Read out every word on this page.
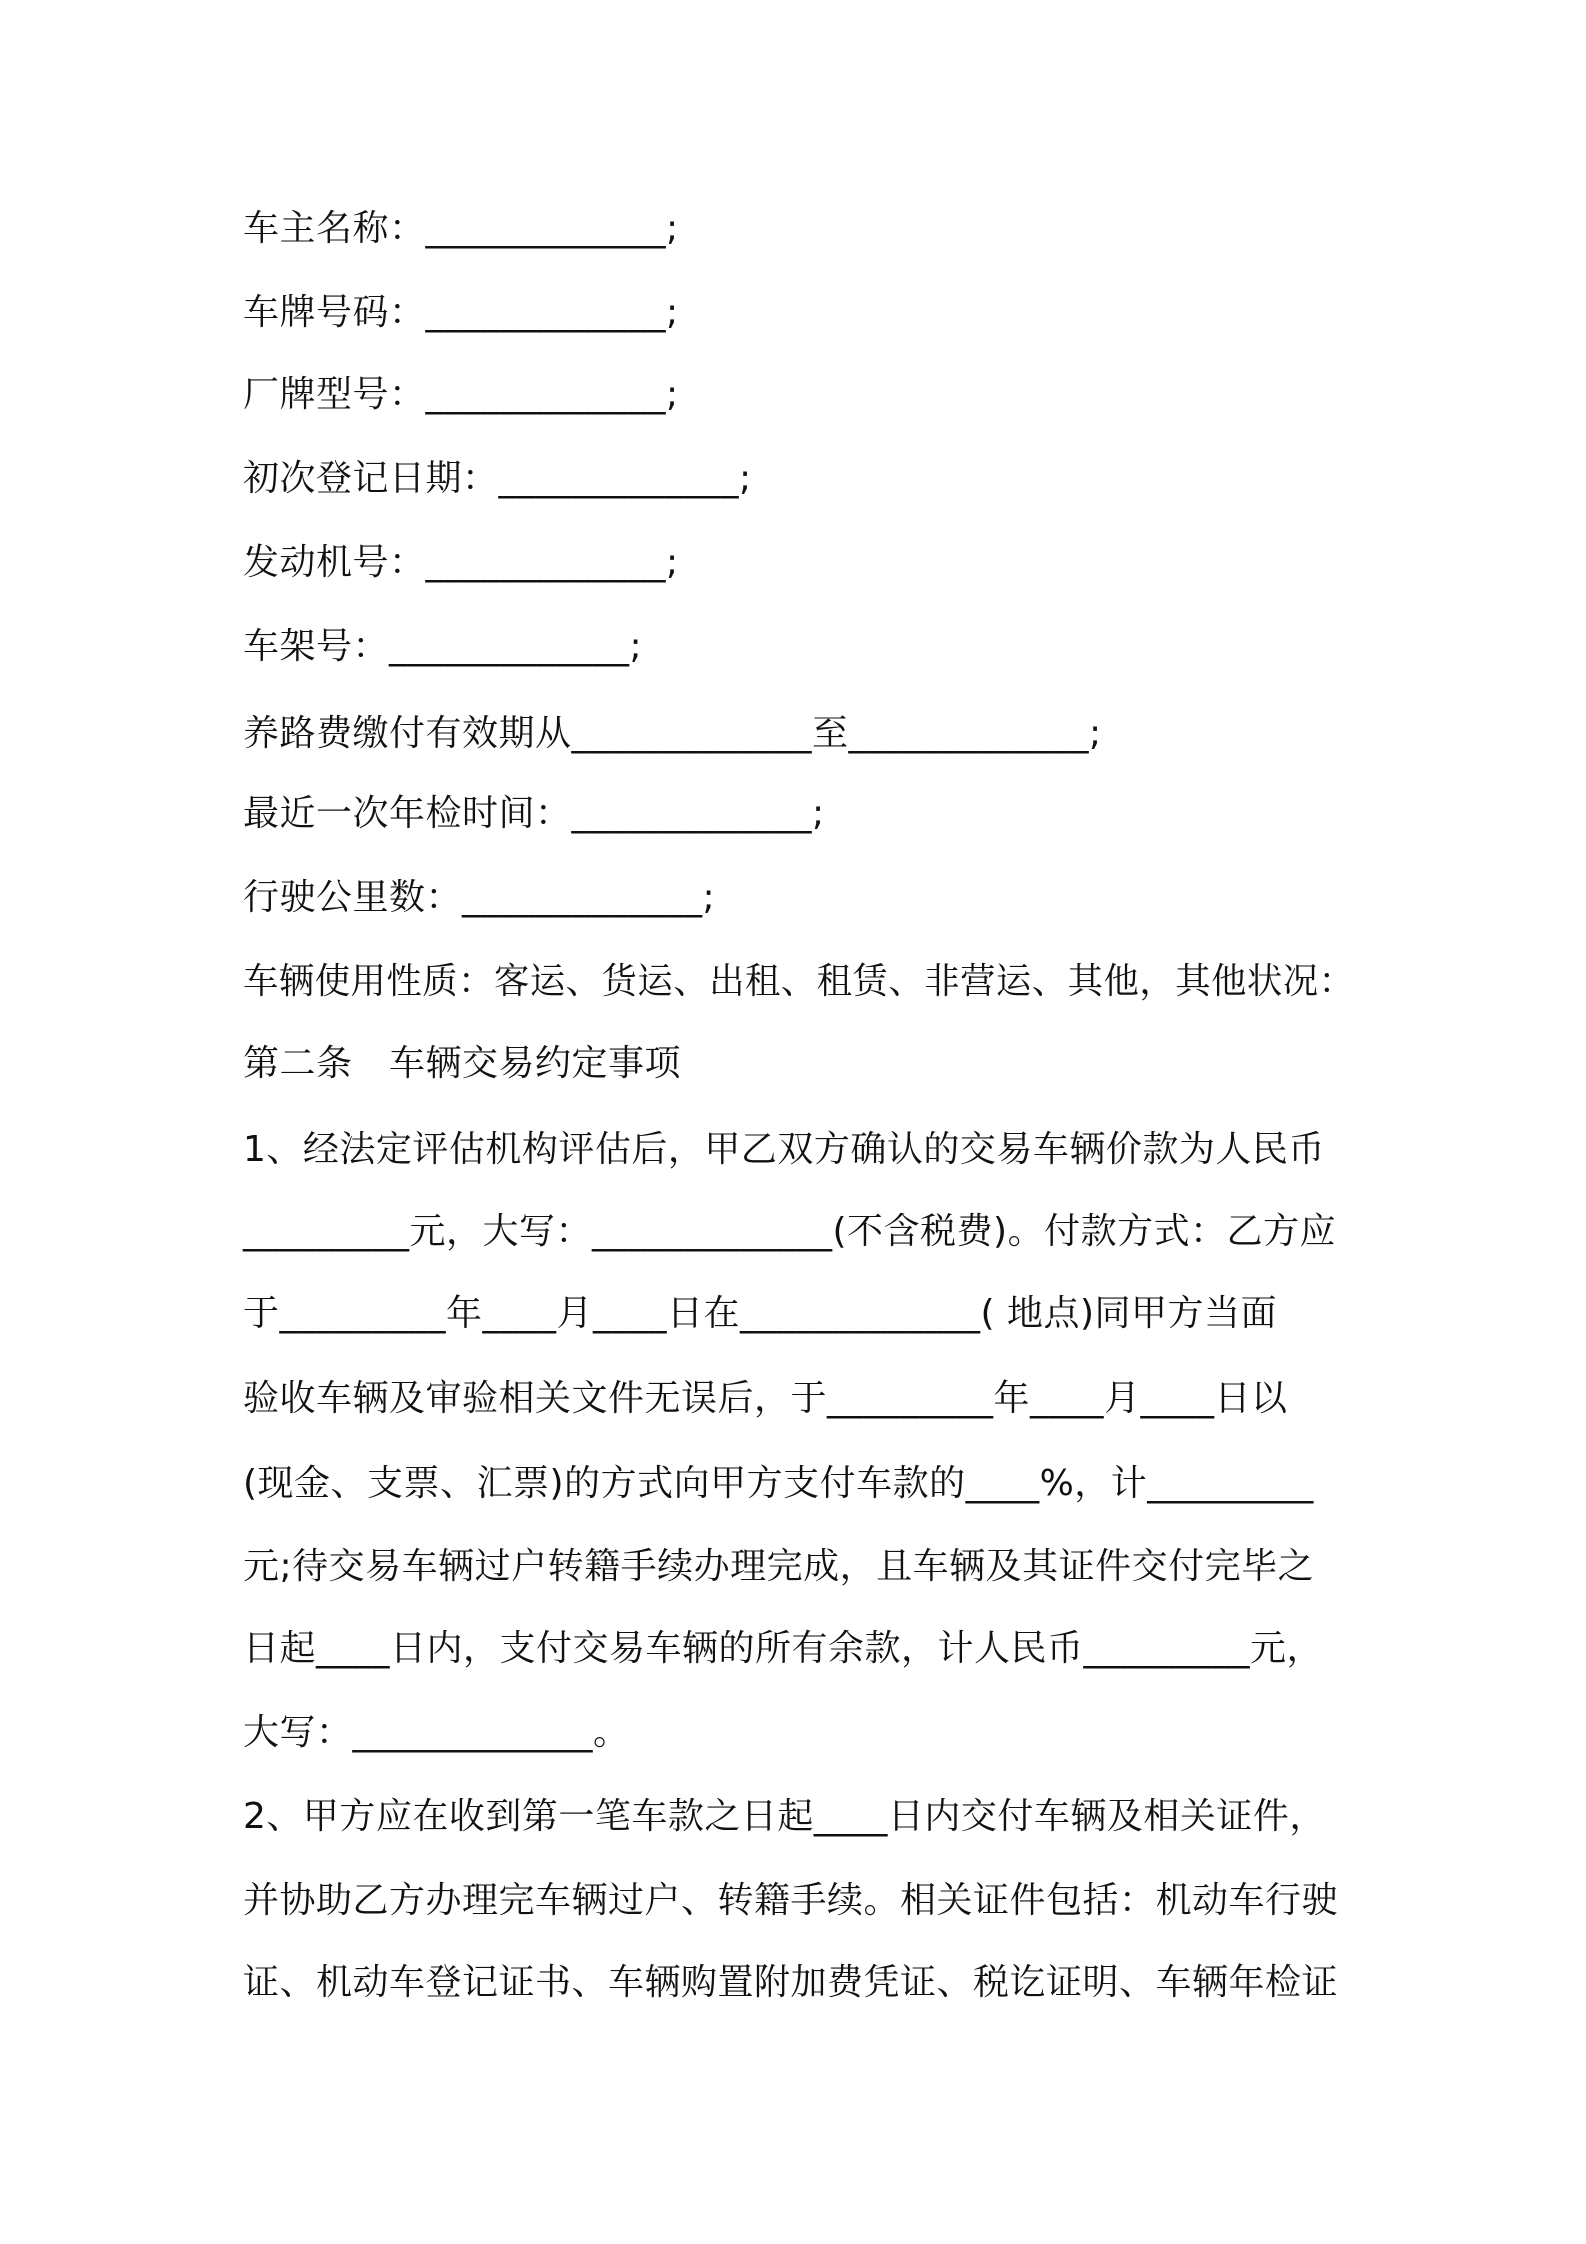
车主名称：_____________;
车牌号码：_____________;
厂牌型号：_____________;
初次登记日期：_____________;
发动机号：_____________;
车架号：_____________;
养路费缴付有效期从_____________至_____________;
最近一次年检时间：_____________;
行驶公里数：_____________;
车辆使用性质：客运、货运、出租、租赁、非营运、其他，其他状况：
第二条　车辆交易约定事项
1、经法定评估机构评估后，甲乙双方确认的交易车辆价款为人民币
_________元，大写：_____________(不含税费)。付款方式：乙方应
于_________年____月____日在_____________( 地点)同甲方当面
验收车辆及审验相关文件无误后，于_________年____月____日以
(现金、支票、汇票)的方式向甲方支付车款的____%，计_________
元;待交易车辆过户转籍手续办理完成，且车辆及其证件交付完毕之
日起____日内，支付交易车辆的所有余款，计人民币_________元，
大写：_____________。
2、甲方应在收到第一笔车款之日起____日内交付车辆及相关证件，
并协助乙方办理完车辆过户、转籍手续。相关证件包括：机动车行驶
证、机动车登记证书、车辆购置附加费凭证、税讫证明、车辆年检证
